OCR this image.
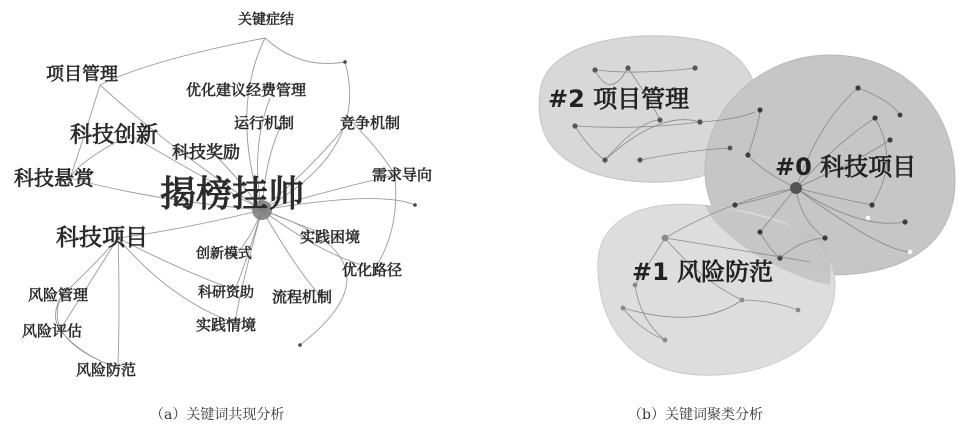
关键症结
项目管理
优化建议经费管理
运行机制	竞争机制
科技创新
科技奖励
需求导向
科技悬赏 揭榜挂帅
科技项目	实践困境
创新模式
优化路径
风险管理	科研资助 流程机制
风险评估	实践情境
风险防范
（a）关键词共现分析
#2 项目管理
#0 科技项目
#1 风险防范
（b）关键词聚类分析
